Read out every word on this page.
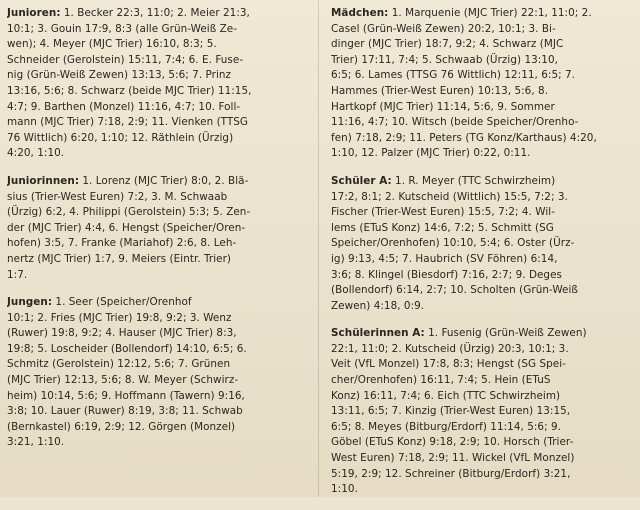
Junioren: 1. Becker 22:3, 11:0; 2. Meier 21:3,
10:1; 3. Gouin 17:9, 8:3 (alle Grün-Weiß Ze-
wen); 4. Meyer (MJC Trier) 16:10, 8:3; 5.
Schneider (Gerolstein) 15:11, 7:4; 6. E. Fuse-
nig (Grün-Weiß Zewen) 13:13, 5:6; 7. Prinz
13:16, 5:6; 8. Schwarz (beide MJC Trier) 11:15,
4:7; 9. Barthen (Monzel) 11:16, 4:7; 10. Foll-
mann (MJC Trier) 7:18, 2:9; 11. Vienken (TTSG
76 Wittlich) 6:20, 1:10; 12. Räthlein (Ürzig)
4:20, 1:10.
Juniorinnen: 1. Lorenz (MJC Trier) 8:0, 2. Blä-
sius (Trier-West Euren) 7:2, 3. M. Schwaab
(Ürzig) 6:2, 4. Philippi (Gerolstein) 5:3; 5. Zen-
der (MJC Trier) 4:4, 6. Hengst (Speicher/Oren-
hofen) 3:5, 7. Franke (Mariahof) 2:6, 8. Leh-
nertz (MJC Trier) 1:7, 9. Meiers (Eintr. Trier)
1:7.
Jungen: 1. Seer (Speicher/Orenhof
10:1; 2. Fries (MJC Trier) 19:8, 9:2; 3. Wenz
(Ruwer) 19:8, 9:2; 4. Hauser (MJC Trier) 8:3,
19:8; 5. Loscheider (Bollendorf) 14:10, 6:5; 6.
Schmitz (Gerolstein) 12:12, 5:6; 7. Grünen
(MJC Trier) 12:13, 5:6; 8. W. Meyer (Schwirz-
heim) 10:14, 5:6; 9. Hoffmann (Tawern) 9:16,
3:8; 10. Lauer (Ruwer) 8:19, 3:8; 11. Schwab
(Bernkastel) 6:19, 2:9; 12. Görgen (Monzel)
3:21, 1:10.
Mädchen: 1. Marquenie (MJC Trier) 22:1, 11:0; 2.
Casel (Grün-Weiß Zewen) 20:2, 10:1; 3. Bi-
dinger (MJC Trier) 18:7, 9:2; 4. Schwarz (MJC
Trier) 17:11, 7:4; 5. Schwaab (Ürzig) 13:10,
6:5; 6. Lames (TTSG 76 Wittlich) 12:11, 6:5; 7.
Hammes (Trier-West Euren) 10:13, 5:6, 8.
Hartkopf (MJC Trier) 11:14, 5:6, 9. Sommer
11:16, 4:7; 10. Witsch (beide Speicher/Orenho-
fen) 7:18, 2:9; 11. Peters (TG Konz/Karthaus) 4:20,
1:10, 12. Palzer (MJC Trier) 0:22, 0:11.
Schüler A: 1. R. Meyer (TTC Schwirzheim)
17:2, 8:1; 2. Kutscheid (Wittlich) 15:5, 7:2; 3.
Fischer (Trier-West Euren) 15:5, 7:2; 4. Wil-
lems (ETuS Konz) 14:6, 7:2; 5. Schmitt (SG
Speicher/Orenhofen) 10:10, 5:4; 6. Oster (Ürz-
ig) 9:13, 4:5; 7. Haubrich (SV Föhren) 6:14,
3:6; 8. Klingel (Biesdorf) 7:16, 2:7; 9. Deges
(Bollendorf) 6:14, 2:7; 10. Scholten (Grün-Weiß
Zewen) 4:18, 0:9.
Schülerinnen A: 1. Fusenig (Grün-Weiß Zewen)
22:1, 11:0; 2. Kutscheid (Ürzig) 20:3, 10:1; 3.
Veit (VfL Monzel) 17:8, 8:3; Hengst (SG Spei-
cher/Orenhofen) 16:11, 7:4; 5. Hein (ETuS
Konz) 16:11, 7:4; 6. Eich (TTC Schwirzheim)
13:11, 6:5; 7. Kinzig (Trier-West Euren) 13:15,
6:5; 8. Meyes (Bitburg/Erdorf) 11:14, 5:6; 9.
Göbel (ETuS Konz) 9:18, 2:9; 10. Horsch (Trier-
West Euren) 7:18, 2:9; 11. Wickel (VfL Monzel)
5:19, 2:9; 12. Schreiner (Bitburg/Erdorf) 3:21,
1:10.
